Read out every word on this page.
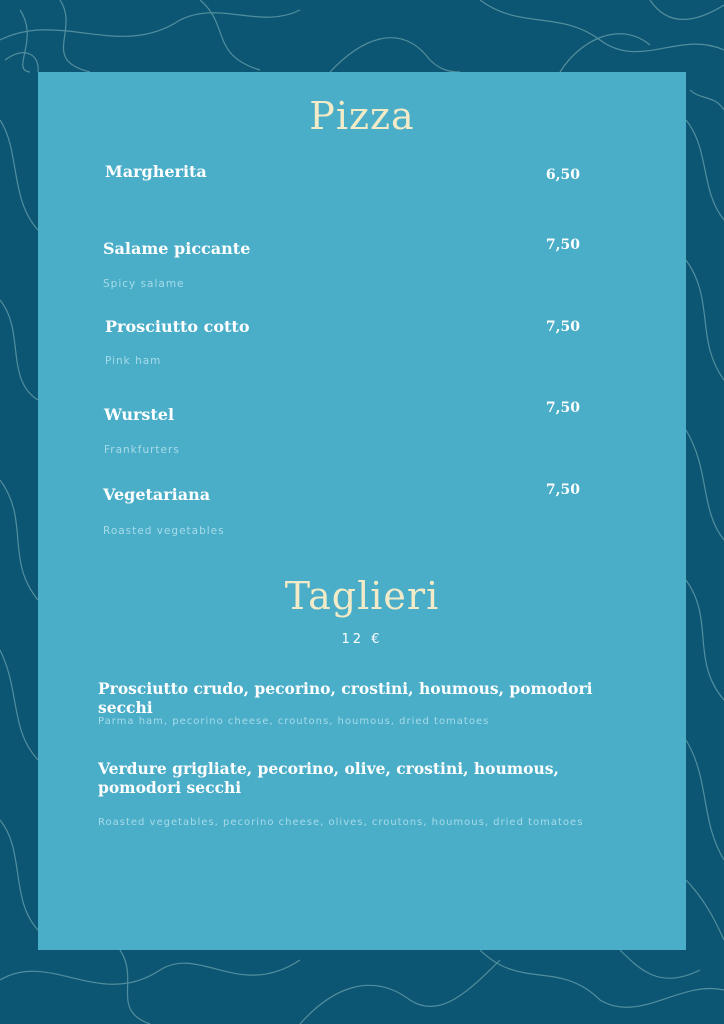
Pizza
Margherita	6,50
Salame piccante	7,50
Spicy salame
Prosciutto cotto	7,50
Pink ham
Wurstel	7,50
Frankfurters
Vegetariana	7,50
Roasted vegetables
Taglieri
12 €
Prosciutto crudo, pecorino, crostini, houmous, pomodori secchi
Parma ham, pecorino cheese, croutons, houmous, dried tomatoes
Verdure grigliate, pecorino, olive, crostini, houmous, pomodori secchi
Roasted vegetables, pecorino cheese, olives, croutons, houmous, dried tomatoes
